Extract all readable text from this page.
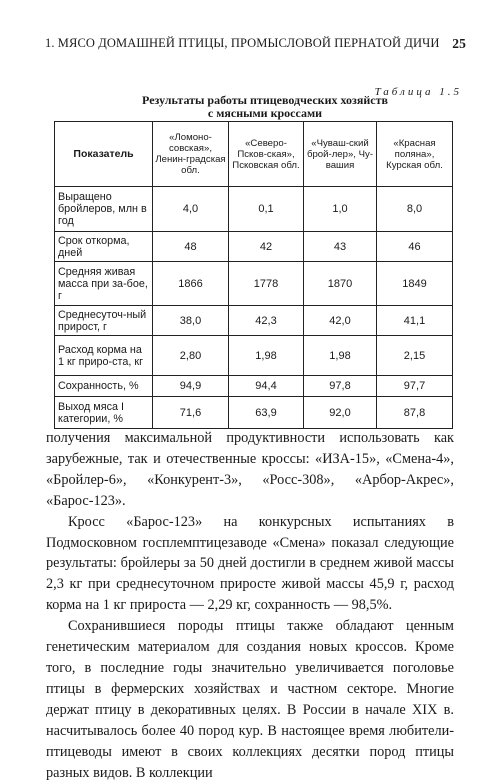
1. МЯСО ДОМАШНЕЙ ПТИЦЫ, ПРОМЫСЛОВОЙ ПЕРНАТОЙ ДИЧИ 25
Таблица 1.5
Результаты работы птицеводческих хозяйств
с мясными кроссами
Показатель	«Ломоно-совская», Ленин-градская обл.	«Северо-Псков-ская», Псковская обл.	«Чуваш-ский брой-лер», Чу-вашия	«Красная поляна», Курская обл.
Выращено бройлеров, млн в год	4,0	0,1	1,0	8,0
Срок откорма, дней	48	42	43	46
Средняя живая масса при за-бое, г	1866	1778	1870	1849
Среднесуточ-ный прирост, г	38,0	42,3	42,0	41,1
Расход корма на 1 кг приро-ста, кг	2,80	1,98	1,98	2,15
Сохранность, %	94,9	94,4	97,8	97,7
Выход мяса I категории, %	71,6	63,9	92,0	87,8

получения максимальной продуктивности использовать как зарубежные, так и отечественные кроссы: «ИЗА-15», «Смена-4», «Бройлер-6», «Конкурент-3», «Росс-308», «Арбор-Акрес», «Барос-123».

Кросс «Барос-123» на конкурсных испытаниях в Подмосковном госплемптицезаводе «Смена» показал следующие результаты: бройлеры за 50 дней достигли в среднем живой массы 2,3 кг при среднесуточном приросте живой массы 45,9 г, расход корма на 1 кг прироста — 2,29 кг, сохранность — 98,5%.

Сохранившиеся породы птицы также обладают ценным генетическим материалом для создания новых кроссов. Кроме того, в последние годы значительно увеличивается поголовье птицы в фермерских хозяйствах и частном секторе. Многие держат птицу в декоративных целях. В России в начале XIX в. насчитывалось более 40 пород кур. В настоящее время любители-птицеводы имеют в своих коллекциях десятки пород птицы разных видов. В коллекции
